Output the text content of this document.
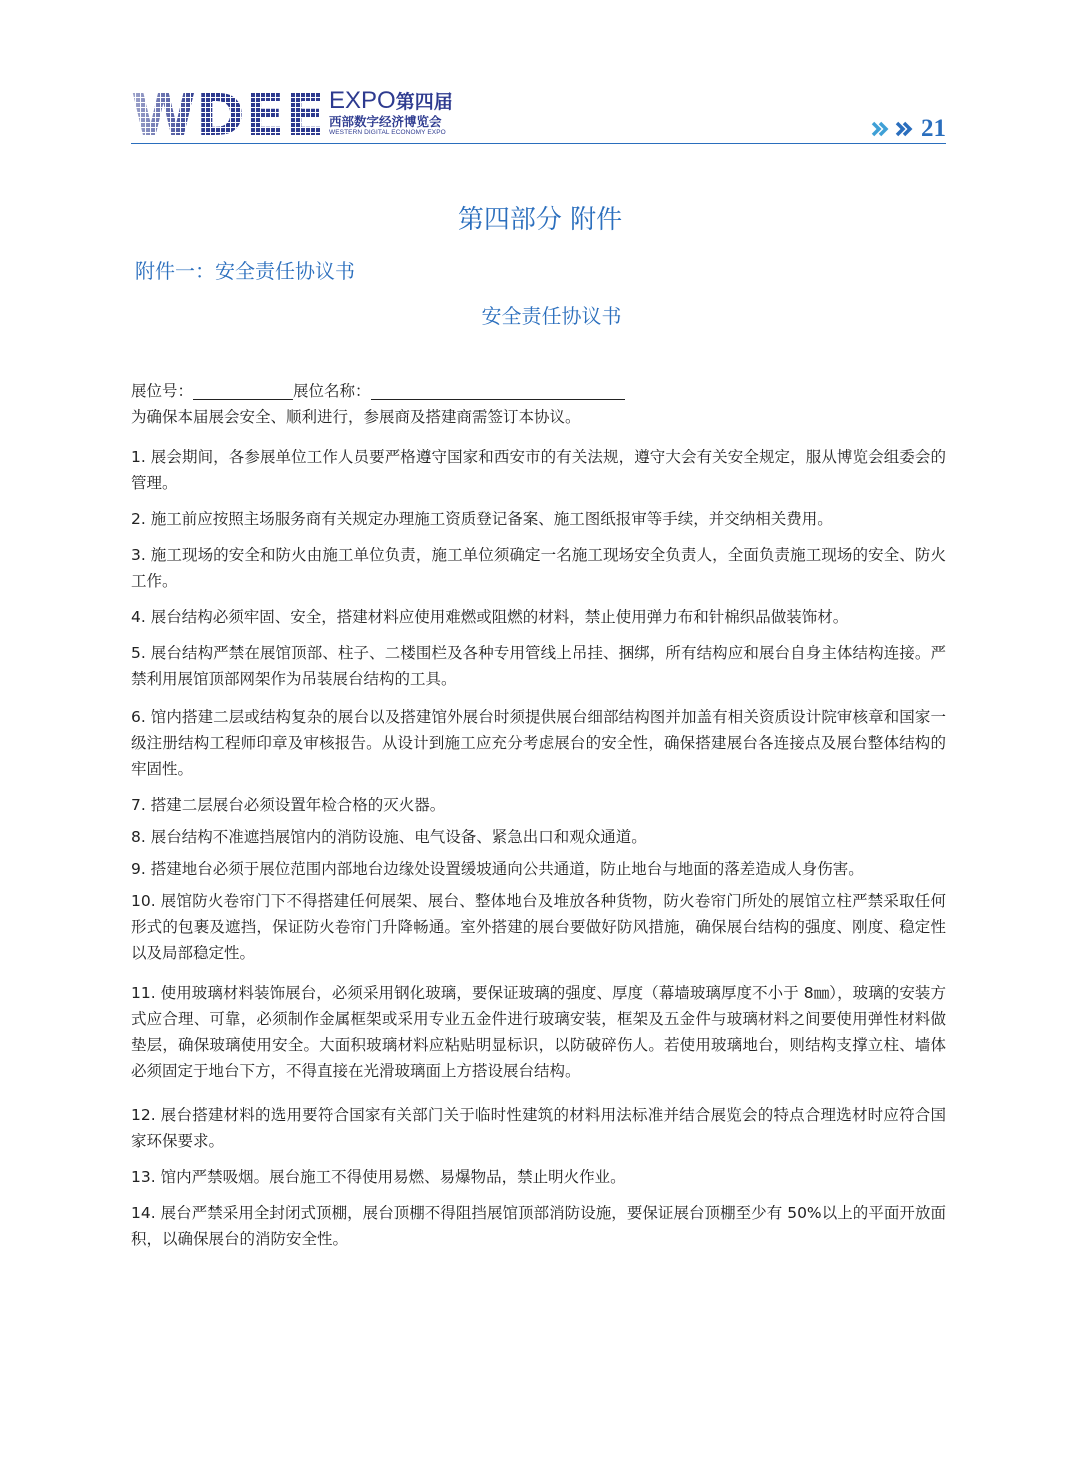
EXPO第四届
西部数字经济博览会
WESTERN DIGITAL ECONOMY EXPO	21
第四部分 附件
附件一：安全责任协议书
安全责任协议书
展位号：	展位名称：
为确保本届展会安全、顺利进行，参展商及搭建商需签订本协议。
1. 展会期间，各参展单位工作人员要严格遵守国家和西安市的有关法规，遵守大会有关安全规定，服从博览会组委会的管理。
2. 施工前应按照主场服务商有关规定办理施工资质登记备案、施工图纸报审等手续，并交纳相关费用。
3. 施工现场的安全和防火由施工单位负责，施工单位须确定一名施工现场安全负责人，全面负责施工现场的安全、防火工作。
4. 展台结构必须牢固、安全，搭建材料应使用难燃或阻燃的材料，禁止使用弹力布和针棉织品做装饰材。
5. 展台结构严禁在展馆顶部、柱子、二楼围栏及各种专用管线上吊挂、捆绑，所有结构应和展台自身主体结构连接。严禁利用展馆顶部网架作为吊装展台结构的工具。
6. 馆内搭建二层或结构复杂的展台以及搭建馆外展台时须提供展台细部结构图并加盖有相关资质设计院审核章和国家一级注册结构工程师印章及审核报告。从设计到施工应充分考虑展台的安全性，确保搭建展台各连接点及展台整体结构的牢固性。
7. 搭建二层展台必须设置年检合格的灭火器。
8. 展台结构不准遮挡展馆内的消防设施、电气设备、紧急出口和观众通道。
9. 搭建地台必须于展位范围内部地台边缘处设置缓坡通向公共通道，防止地台与地面的落差造成人身伤害。
10. 展馆防火卷帘门下不得搭建任何展架、展台、整体地台及堆放各种货物，防火卷帘门所处的展馆立柱严禁采取任何形式的包裹及遮挡，保证防火卷帘门升降畅通。室外搭建的展台要做好防风措施，确保展台结构的强度、刚度、稳定性以及局部稳定性。
11. 使用玻璃材料装饰展台，必须采用钢化玻璃，要保证玻璃的强度、厚度（幕墙玻璃厚度不小于 8㎜），玻璃的安装方式应合理、可靠，必须制作金属框架或采用专业五金件进行玻璃安装，框架及五金件与玻璃材料之间要使用弹性材料做垫层，确保玻璃使用安全。大面积玻璃材料应粘贴明显标识，以防破碎伤人。若使用玻璃地台，则结构支撑立柱、墙体必须固定于地台下方，不得直接在光滑玻璃面上方搭设展台结构。
12. 展台搭建材料的选用要符合国家有关部门关于临时性建筑的材料用法标准并结合展览会的特点合理选材时应符合国家环保要求。
13. 馆内严禁吸烟。展台施工不得使用易燃、易爆物品，禁止明火作业。
14. 展台严禁采用全封闭式顶棚，展台顶棚不得阻挡展馆顶部消防设施，要保证展台顶棚至少有 50%以上的平面开放面积，以确保展台的消防安全性。
